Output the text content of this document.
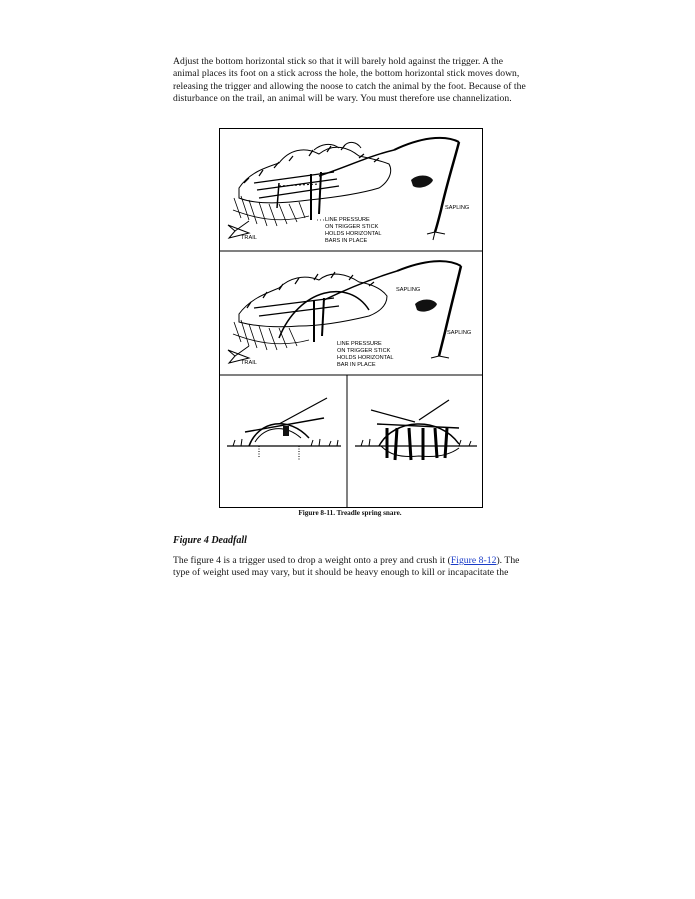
Adjust the bottom horizontal stick so that it will barely hold against the trigger. A the animal places its foot on a stick across the hole, the bottom horizontal stick moves down, releasing the trigger and allowing the noose to catch the animal by the foot. Because of the disturbance on the trail, an animal will be wary. You must therefore use channelization.
SAPLING
TRAIL
LINE PRESSURE
ON TRIGGER STICK
HOLDS HORIZONTAL
BARS IN PLACE
SAPLING
SAPLING
TRAIL
LINE PRESSURE
ON TRIGGER STICK
HOLDS HORIZONTAL
BAR IN PLACE
Figure 8-11. Treadle spring snare.
Figure 4 Deadfall
The figure 4 is a trigger used to drop a weight onto a prey and crush it (Figure 8-12). The type of weight used may vary, but it should be heavy enough to kill or incapacitate the
